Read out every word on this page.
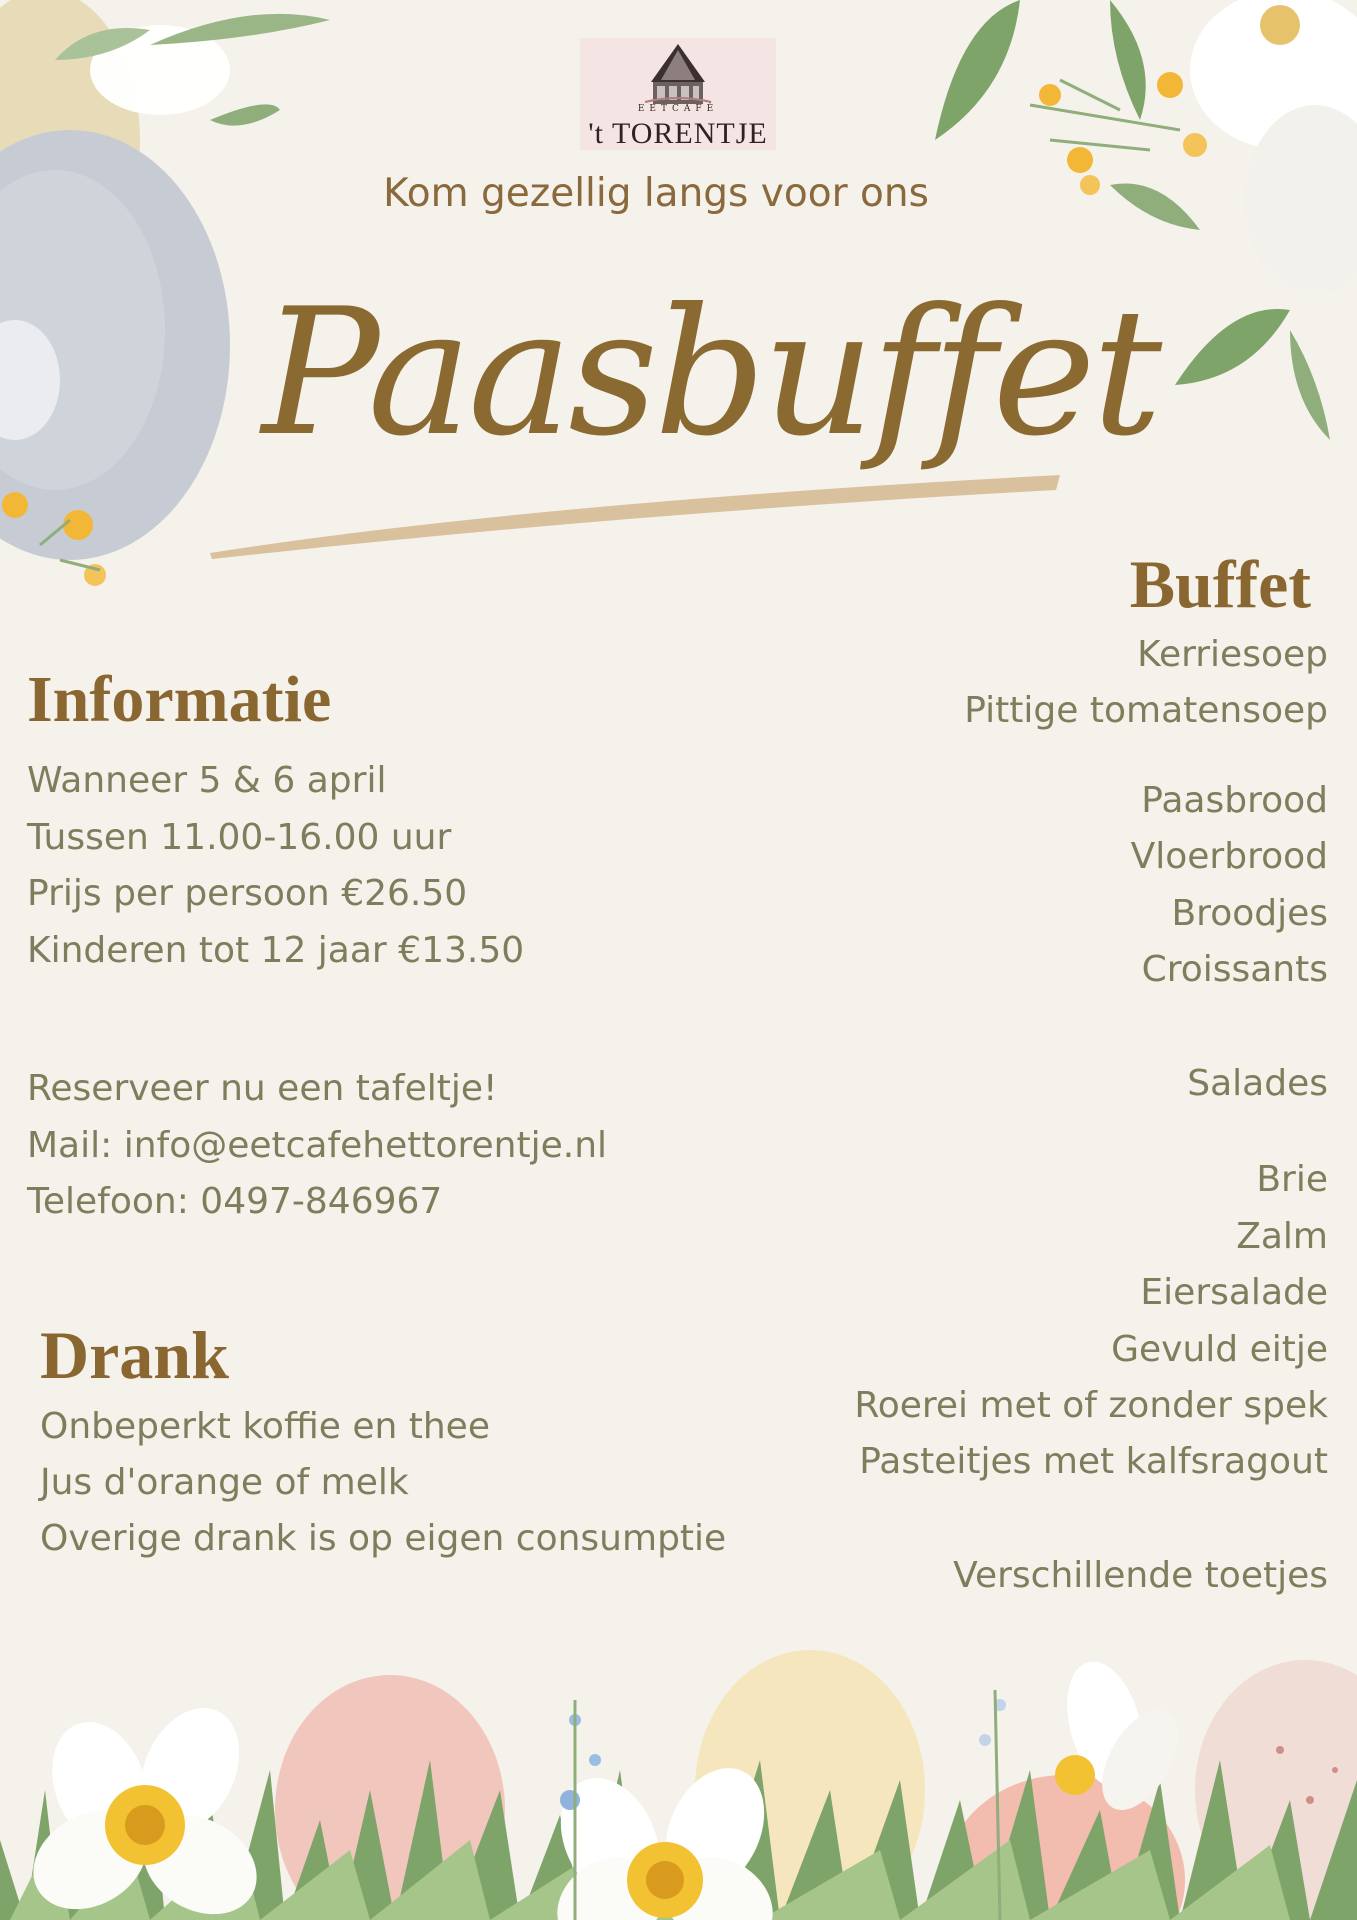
EETCAFÉ
't TORENTJE
Kom gezellig langs voor ons
Paasbuffet
Informatie
Wanneer 5 & 6 april
Tussen 11.00-16.00 uur
Prijs per persoon €26.50
Kinderen tot 12 jaar €13.50
Reserveer nu een tafeltje!
Mail: info@eetcafehettorentje.nl
Telefoon: 0497-846967
Drank
Onbeperkt koffie en thee
Jus d'orange of melk
Overige drank is op eigen consumptie
Buffet
Kerriesoep
Pittige tomatensoep
Paasbrood
Vloerbrood
Broodjes
Croissants
Salades
Brie
Zalm
Eiersalade
Gevuld eitje
Roerei met of zonder spek
Pasteitjes met kalfsragout
Verschillende toetjes
